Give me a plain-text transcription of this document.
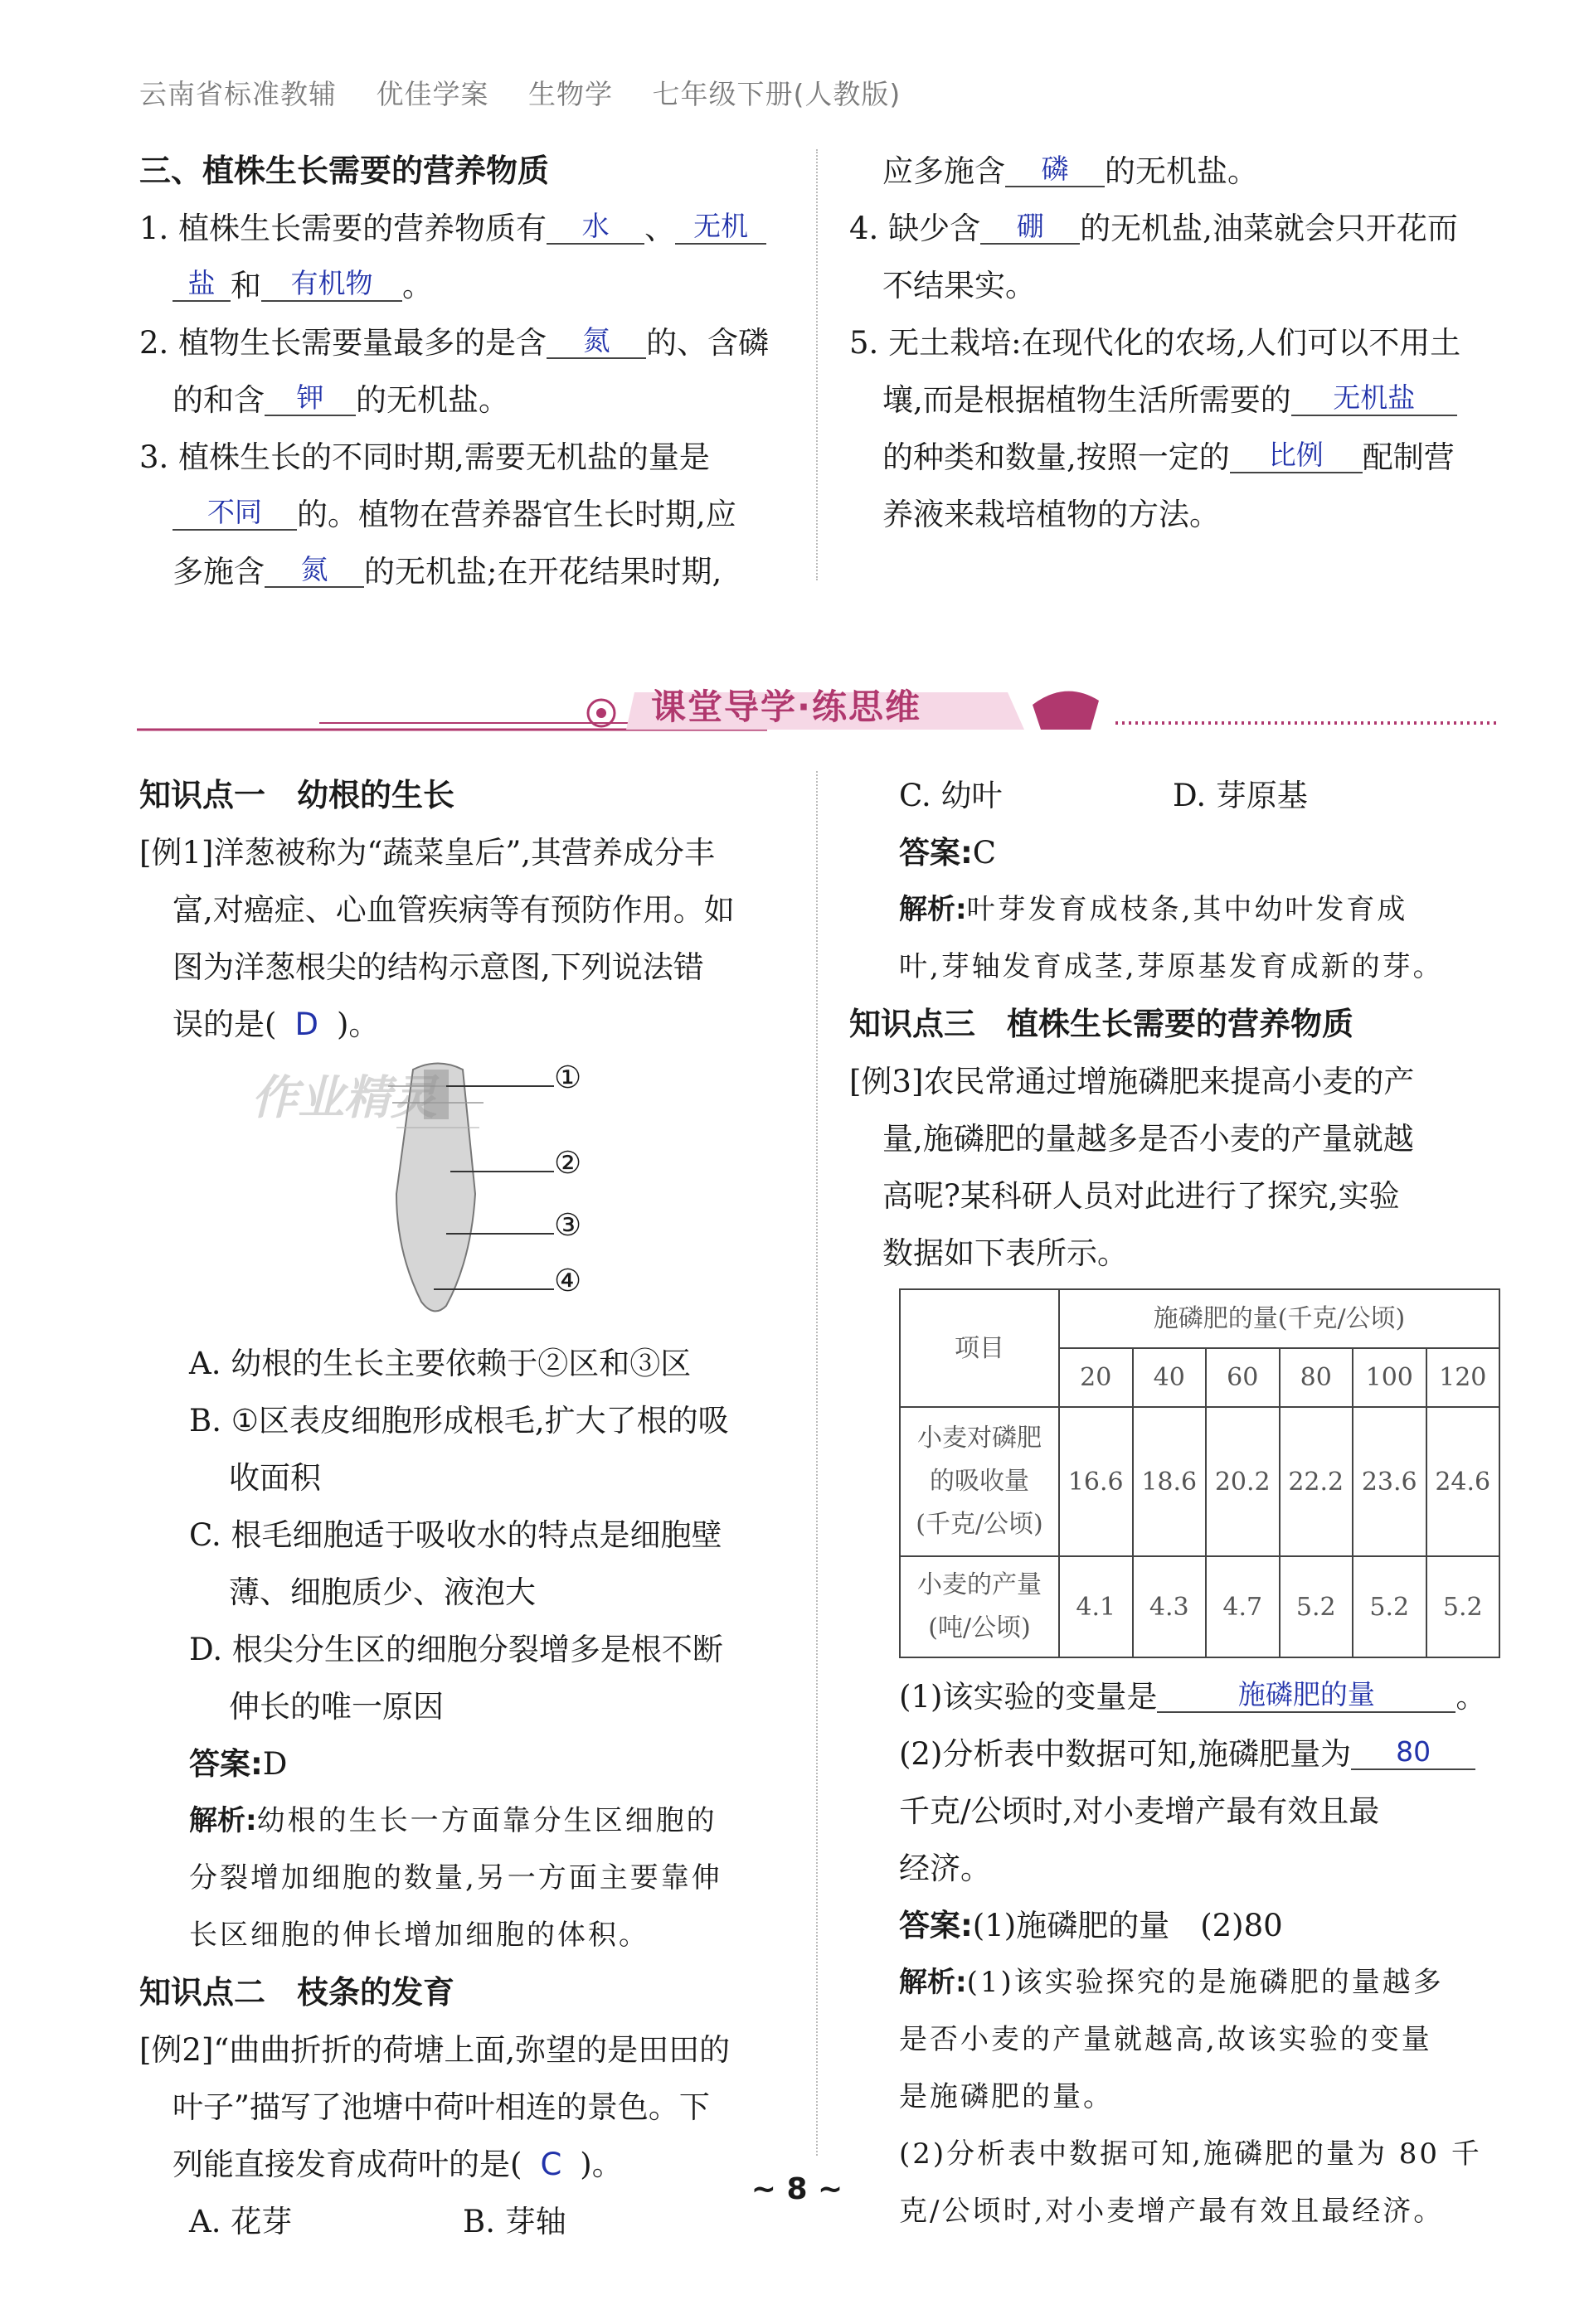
云南省标准教辅 优佳学案 生物学 七年级下册(人教版)
三、植株生长需要的营养物质
1. 植株生长需要的营养物质有 水 、 无机
盐 和 有机物 。
2. 植物生长需要量最多的是含 氮 的、含磷
的和含 钾 的无机盐。
3. 植株生长的不同时期,需要无机盐的量是
不同 的。植物在营养器官生长时期,应
多施含 氮 的无机盐;在开花结果时期,
应多施含 磷 的无机盐。
4. 缺少含 硼 的无机盐,油菜就会只开花而
不结果实。
5. 无土栽培:在现代化的农场,人们可以不用土
壤,而是根据植物生活所需要的 无机盐
的种类和数量,按照一定的 比例 配制营
养液来栽培植物的方法。
课堂导学·练思维
知识点一　幼根的生长
[例1]洋葱被称为“蔬菜皇后”,其营养成分丰
富,对癌症、心血管疾病等有预防作用。如
图为洋葱根尖的结构示意图,下列说法错
误的是( D )。
①
②
③
④
作业精灵
A. 幼根的生长主要依赖于②区和③区
B. ①区表皮细胞形成根毛,扩大了根的吸
收面积
C. 根毛细胞适于吸收水的特点是细胞壁
薄、细胞质少、液泡大
D. 根尖分生区的细胞分裂增多是根不断
伸长的唯一原因
答案:D
解析:幼根的生长一方面靠分生区细胞的
分裂增加细胞的数量,另一方面主要靠伸
长区细胞的伸长增加细胞的体积。
知识点二　枝条的发育
[例2]“曲曲折折的荷塘上面,弥望的是田田的
叶子”描写了池塘中荷叶相连的景色。下
列能直接发育成荷叶的是( C )。
A. 花芽	B. 芽轴
C. 幼叶	D. 芽原基
答案:C
解析:叶芽发育成枝条,其中幼叶发育成
叶,芽轴发育成茎,芽原基发育成新的芽。
知识点三　植株生长需要的营养物质
[例3]农民常通过增施磷肥来提高小麦的产
量,施磷肥的量越多是否小麦的产量就越
高呢?某科研人员对此进行了探究,实验
数据如下表所示。
项目	施磷肥的量(千克/公顷)					
	20	40	60	80	100	120

小麦对磷肥
的吸收量
(千克/公顷)	16.6	18.6	20.2	22.2	23.6	24.6

小麦的产量
(吨/公顷)	4.1	4.3	4.7	5.2	5.2	5.2
(1)该实验的变量是	施磷肥的量	。
(2)分析表中数据可知,施磷肥量为 80
千克/公顷时,对小麦增产最有效且最
经济。
答案:(1)施磷肥的量　(2)80
解析:(1)该实验探究的是施磷肥的量越多
是否小麦的产量就越高,故该实验的变量
是施磷肥的量。
(2)分析表中数据可知,施磷肥的量为 80 千
克/公顷时,对小麦增产最有效且最经济。
~ 8 ~
